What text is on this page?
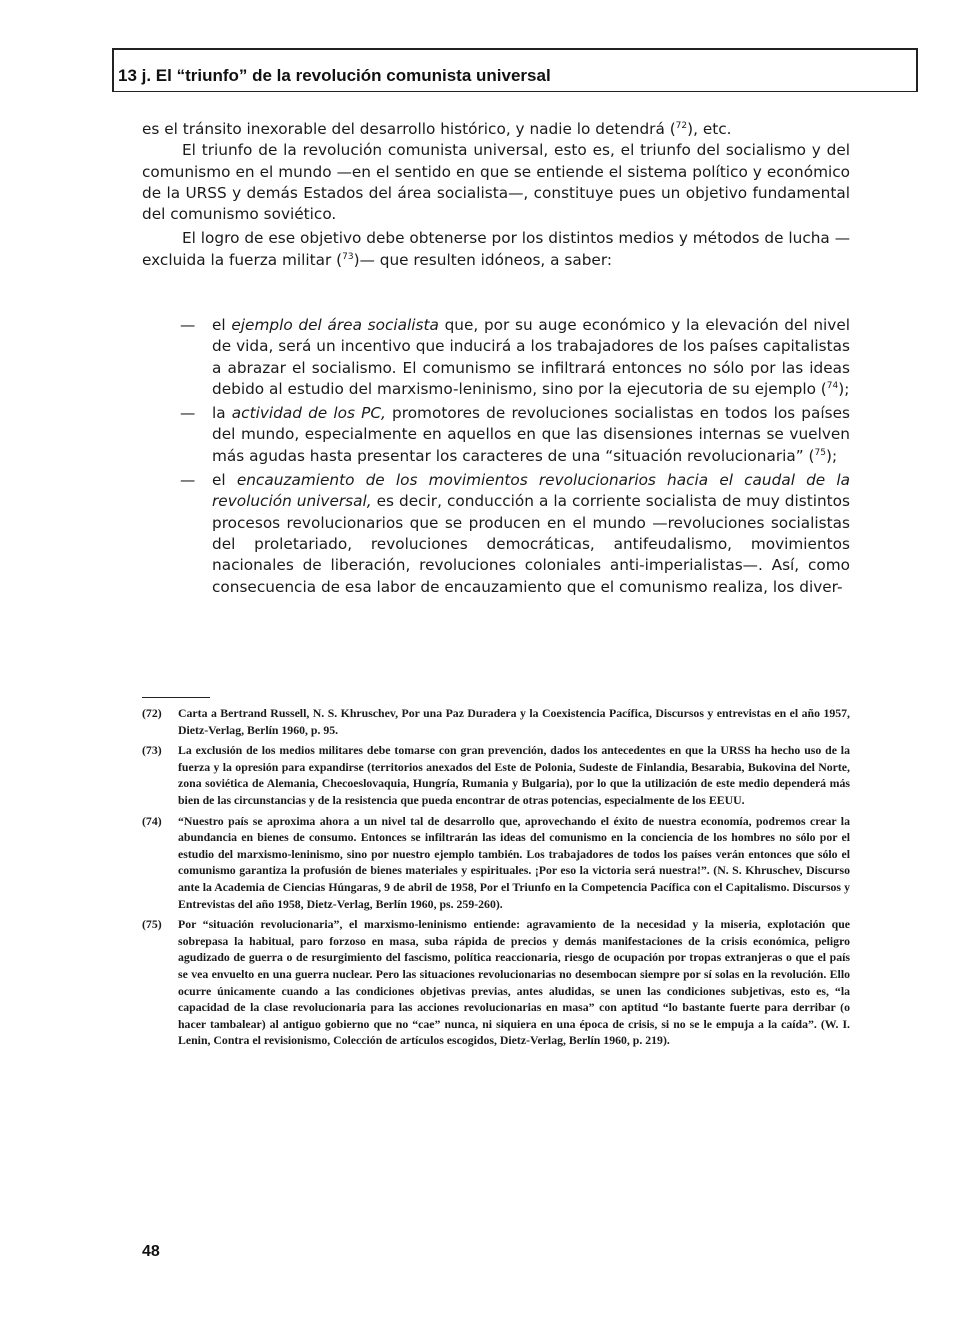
13 j. El “triunfo” de la revolución comunista universal

es el tránsito inexorable del desarrollo histórico, y nadie lo detendrá ($^{72}$), etc.

El triunfo de la revolución comunista universal, esto es, el triunfo del socialismo y del comunismo en el mundo —en el sentido en que se entiende el sistema político y económico de la URSS y demás Estados del área socialista—, constituye pues un objetivo fundamental del comunismo soviético.

El logro de ese objetivo debe obtenerse por los distintos medios y métodos de lucha —excluida la fuerza militar ($^{73}$)— que resulten idóneos, a saber:

— el ejemplo del área socialista que, por su auge económico y la elevación del nivel de vida, será un incentivo que inducirá a los trabajadores de los países capitalistas a abrazar el socialismo. El comunismo se infiltrará entonces no sólo por las ideas debido al estudio del marxismo-leninismo, sino por la ejecutoria de su ejemplo ($^{74}$);

— la actividad de los PC, promotores de revoluciones socialistas en todos los países del mundo, especialmente en aquellos en que las disensiones internas se vuelven más agudas hasta presentar los caracteres de una “situación revolucionaria” ($^{75}$);

— el encauzamiento de los movimientos revolucionarios hacia el caudal de la revolución universal, es decir, conducción a la corriente socialista de muy distintos procesos revolucionarios que se producen en el mundo —revoluciones socialistas del proletariado, revoluciones democráticas, antifeudalismo, movimientos nacionales de liberación, revoluciones coloniales anti-imperialistas—. Así, como consecuencia de esa labor de encauzamiento que el comunismo realiza, los diver-

(72) Carta a Bertrand Russell, N. S. Khruschev, Por una Paz Duradera y la Coexistencia Pacífica, Discursos y entrevistas en el año 1957, Dietz-Verlag, Berlín 1960, p. 95.

(73) La exclusión de los medios militares debe tomarse con gran prevención, dados los antecedentes en que la URSS ha hecho uso de la fuerza y la opresión para expandirse (territorios anexados del Este de Polonia, Sudeste de Finlandia, Besarabia, Bukovina del Norte, zona soviética de Alemania, Checoeslovaquia, Hungría, Rumania y Bulgaria), por lo que la utilización de este medio dependerá más bien de las circunstancias y de la resistencia que pueda encontrar de otras potencias, especialmente de los EEUU.

(74) “Nuestro país se aproxima ahora a un nivel tal de desarrollo que, aprovechando el éxito de nuestra economía, podremos crear la abundancia en bienes de consumo. Entonces se infiltrarán las ideas del comunismo en la conciencia de los hombres no sólo por el estudio del marxismo-leninismo, sino por nuestro ejemplo también. Los trabajadores de todos los países verán entonces que sólo el comunismo garantiza la profusión de bienes materiales y espirituales. ¡Por eso la victoria será nuestra!”. (N. S. Khruschev, Discurso ante la Academia de Ciencias Húngaras, 9 de abril de 1958, Por el Triunfo en la Competencia Pacífica con el Capitalismo. Discursos y Entrevistas del año 1958, Dietz-Verlag, Berlín 1960, ps. 259-260).

(75) Por “situación revolucionaria”, el marxismo-leninismo entiende: agravamiento de la necesidad y la miseria, explotación que sobrepasa la habitual, paro forzoso en masa, suba rápida de precios y demás manifestaciones de la crisis económica, peligro agudizado de guerra o de resurgimiento del fascismo, política reaccionaria, riesgo de ocupación por tropas extranjeras o que el país se vea envuelto en una guerra nuclear. Pero las situaciones revolucionarias no desembocan siempre por sí solas en la revolución. Ello ocurre únicamente cuando a las condiciones objetivas previas, antes aludidas, se unen las condiciones subjetivas, esto es, “la capacidad de la clase revolucionaria para las acciones revolucionarias en masa” con aptitud “lo bastante fuerte para derribar (o hacer tambalear) al antiguo gobierno que no “cae” nunca, ni siquiera en una época de crisis, si no se le empuja a la caída”. (W. I. Lenin, Contra el revisionismo, Colección de artículos escogidos, Dietz-Verlag, Berlín 1960, p. 219).

48
